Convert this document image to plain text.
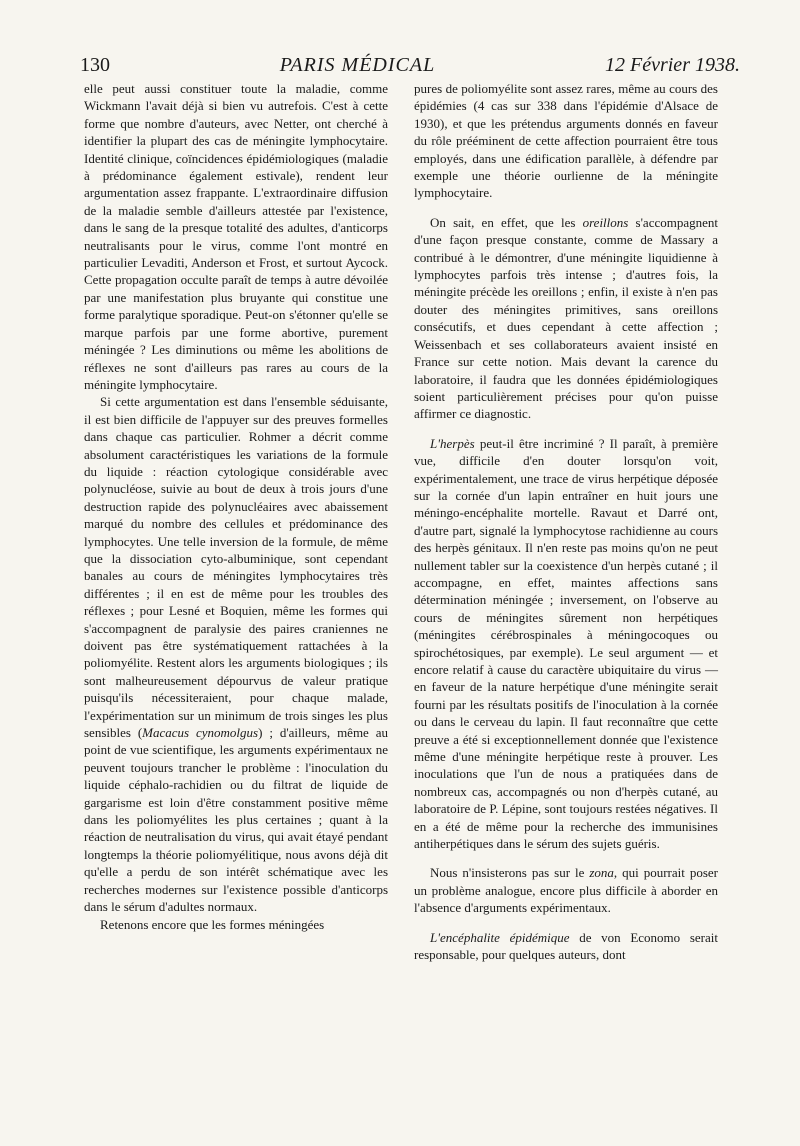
130	PARIS MÉDICAL	12 Février 1938.

elle peut aussi constituer toute la maladie, comme Wickmann l'avait déjà si bien vu autrefois. C'est à cette forme que nombre d'auteurs, avec Netter, ont cherché à identifier la plupart des cas de méningite lymphocytaire. Identité clinique, coïncidences épidémiologiques (maladie à prédominance également estivale), rendent leur argumentation assez frappante. L'extraordinaire diffusion de la maladie semble d'ailleurs attestée par l'existence, dans le sang de la presque totalité des adultes, d'anticorps neutralisants pour le virus, comme l'ont montré en particulier Levaditi, Anderson et Frost, et surtout Aycock. Cette propagation occulte paraît de temps à autre dévoilée par une manifestation plus bruyante qui constitue une forme paralytique sporadique. Peut-on s'étonner qu'elle se marque parfois par une forme abortive, purement méningée ? Les diminutions ou même les abolitions de réflexes ne sont d'ailleurs pas rares au cours de la méningite lymphocytaire.

Si cette argumentation est dans l'ensemble séduisante, il est bien difficile de l'appuyer sur des preuves formelles dans chaque cas particulier. Rohmer a décrit comme absolument caractéristiques les variations de la formule du liquide : réaction cytologique considérable avec polynucléose, suivie au bout de deux à trois jours d'une destruction rapide des polynucléaires avec abaissement marqué du nombre des cellules et prédominance des lymphocytes. Une telle inversion de la formule, de même que la dissociation cyto-albuminique, sont cependant banales au cours de méningites lymphocytaires très différentes ; il en est de même pour les troubles des réflexes ; pour Lesné et Boquien, même les formes qui s'accompagnent de paralysie des paires craniennes ne doivent pas être systématiquement rattachées à la poliomyélite. Restent alors les arguments biologiques ; ils sont malheureusement dépourvus de valeur pratique puisqu'ils nécessiteraient, pour chaque malade, l'expérimentation sur un minimum de trois singes les plus sensibles (Macacus cynomolgus) ; d'ailleurs, même au point de vue scientifique, les arguments expérimentaux ne peuvent toujours trancher le problème : l'inoculation du liquide céphalo-rachidien ou du filtrat de liquide de gargarisme est loin d'être constamment positive même dans les poliomyélites les plus certaines ; quant à la réaction de neutralisation du virus, qui avait étayé pendant longtemps la théorie poliomyélitique, nous avons déjà dit qu'elle a perdu de son intérêt schématique avec les recherches modernes sur l'existence possible d'anticorps dans le sérum d'adultes normaux.

Retenons encore que les formes méningées

pures de poliomyélite sont assez rares, même au cours des épidémies (4 cas sur 338 dans l'épidémie d'Alsace de 1930), et que les prétendus arguments donnés en faveur du rôle prééminent de cette affection pourraient être tous employés, dans une édification parallèle, à défendre par exemple une théorie ourlienne de la méningite lymphocytaire.

On sait, en effet, que les oreillons s'accompagnent d'une façon presque constante, comme de Massary a contribué à le démontrer, d'une méningite liquidienne à lymphocytes parfois très intense ; d'autres fois, la méningite précède les oreillons ; enfin, il existe à n'en pas douter des méningites primitives, sans oreillons consécutifs, et dues cependant à cette affection ; Weissenbach et ses collaborateurs avaient insisté en France sur cette notion. Mais devant la carence du laboratoire, il faudra que les données épidémiologiques soient particulièrement précises pour qu'on puisse affirmer ce diagnostic.

L'herpès peut-il être incriminé ? Il paraît, à première vue, difficile d'en douter lorsqu'on voit, expérimentalement, une trace de virus herpétique déposée sur la cornée d'un lapin entraîner en huit jours une méningo-encéphalite mortelle. Ravaut et Darré ont, d'autre part, signalé la lymphocytose rachidienne au cours des herpès génitaux. Il n'en reste pas moins qu'on ne peut nullement tabler sur la coexistence d'un herpès cutané ; il accompagne, en effet, maintes affections sans détermination méningée ; inversement, on l'observe au cours de méningites sûrement non herpétiques (méningites cérébrospinales à méningocoques ou spirochétosiques, par exemple). Le seul argument — et encore relatif à cause du caractère ubiquitaire du virus — en faveur de la nature herpétique d'une méningite serait fourni par les résultats positifs de l'inoculation à la cornée ou dans le cerveau du lapin. Il faut reconnaître que cette preuve a été si exceptionnellement donnée que l'existence même d'une méningite herpétique reste à prouver. Les inoculations que l'un de nous a pratiquées dans de nombreux cas, accompagnés ou non d'herpès cutané, au laboratoire de P. Lépine, sont toujours restées négatives. Il en a été de même pour la recherche des immunisines antiherpétiques dans le sérum des sujets guéris.

Nous n'insisterons pas sur le zona, qui pourrait poser un problème analogue, encore plus difficile à aborder en l'absence d'arguments expérimentaux.

L'encéphalite épidémique de von Economo serait responsable, pour quelques auteurs, dont
